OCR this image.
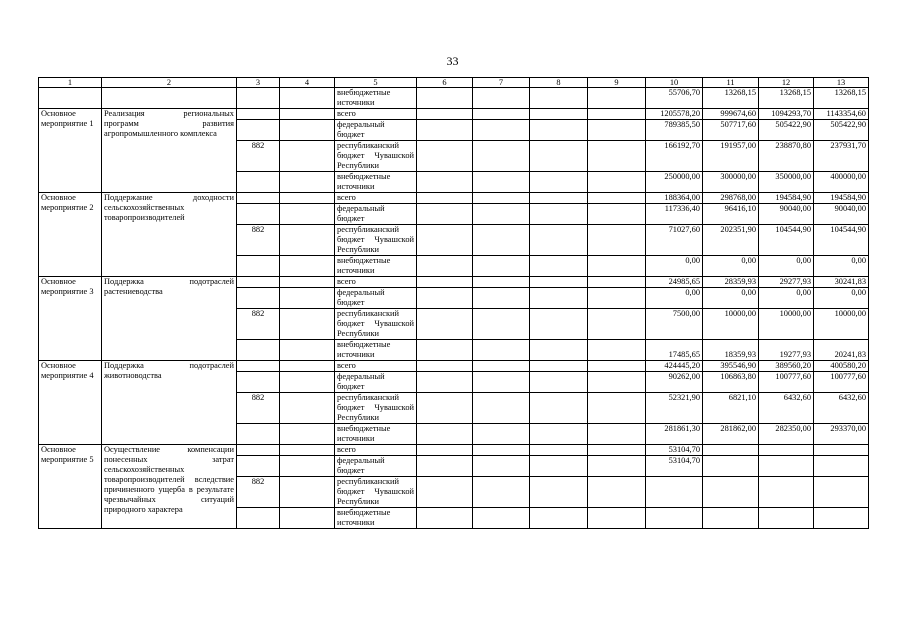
33
1	2	3	4	5	6	7	8	9	10	11	12	13
				внебюджетные источники					55706,70	13268,15	13268,15	13268,15
Основное мероприятие 1	Реализация региональных программ развития агропромышленного комплекса			всего					1205578,20	999674,60	1094293,70	1143354,60
				федеральный бюджет					789385,50	507717,60	505422,90	505422,90
		882		республиканский бюджет Чувашской Республики					166192,70	191957,00	238870,80	237931,70
				внебюджетные источники					250000,00	300000,00	350000,00	400000,00
Основное мероприятие 2	Поддержание доходности сельскохозяйственных товаропроизводителей			всего					188364,00	298768,00	194584,90	194584,90
				федеральный бюджет					117336,40	96416,10	90040,00	90040,00
		882		республиканский бюджет Чувашской Республики					71027,60	202351,90	104544,90	104544,90
				внебюджетные источники					0,00	0,00	0,00	0,00
Основное мероприятие 3	Поддержка подотраслей растениеводства			всего					24985,65	28359,93	29277,93	30241,83
				федеральный бюджет					0,00	0,00	0,00	0,00
		882		республиканский бюджет Чувашской Республики					7500,00	10000,00	10000,00	10000,00
				внебюджетные источники					17485,65	18359,93	19277,93	20241,83
Основное мероприятие 4	Поддержка подотраслей животноводства			всего					424445,20	395546,90	389560,20	400580,20
				федеральный бюджет					90262,00	106863,80	100777,60	100777,60
		882		республиканский бюджет Чувашской Республики					52321,90	6821,10	6432,60	6432,60
				внебюджетные источники					281861,30	281862,00	282350,00	293370,00
Основное мероприятие 5	Осуществление компенсации понесенных затрат сельскохозяйственных товаропроизводителей вследствие причиненного ущерба в результате чрезвычайных ситуаций природного характера			всего					53104,70			
				федеральный бюджет					53104,70			
		882		республиканский бюджет Чувашской Республики								
				внебюджетные источники								
